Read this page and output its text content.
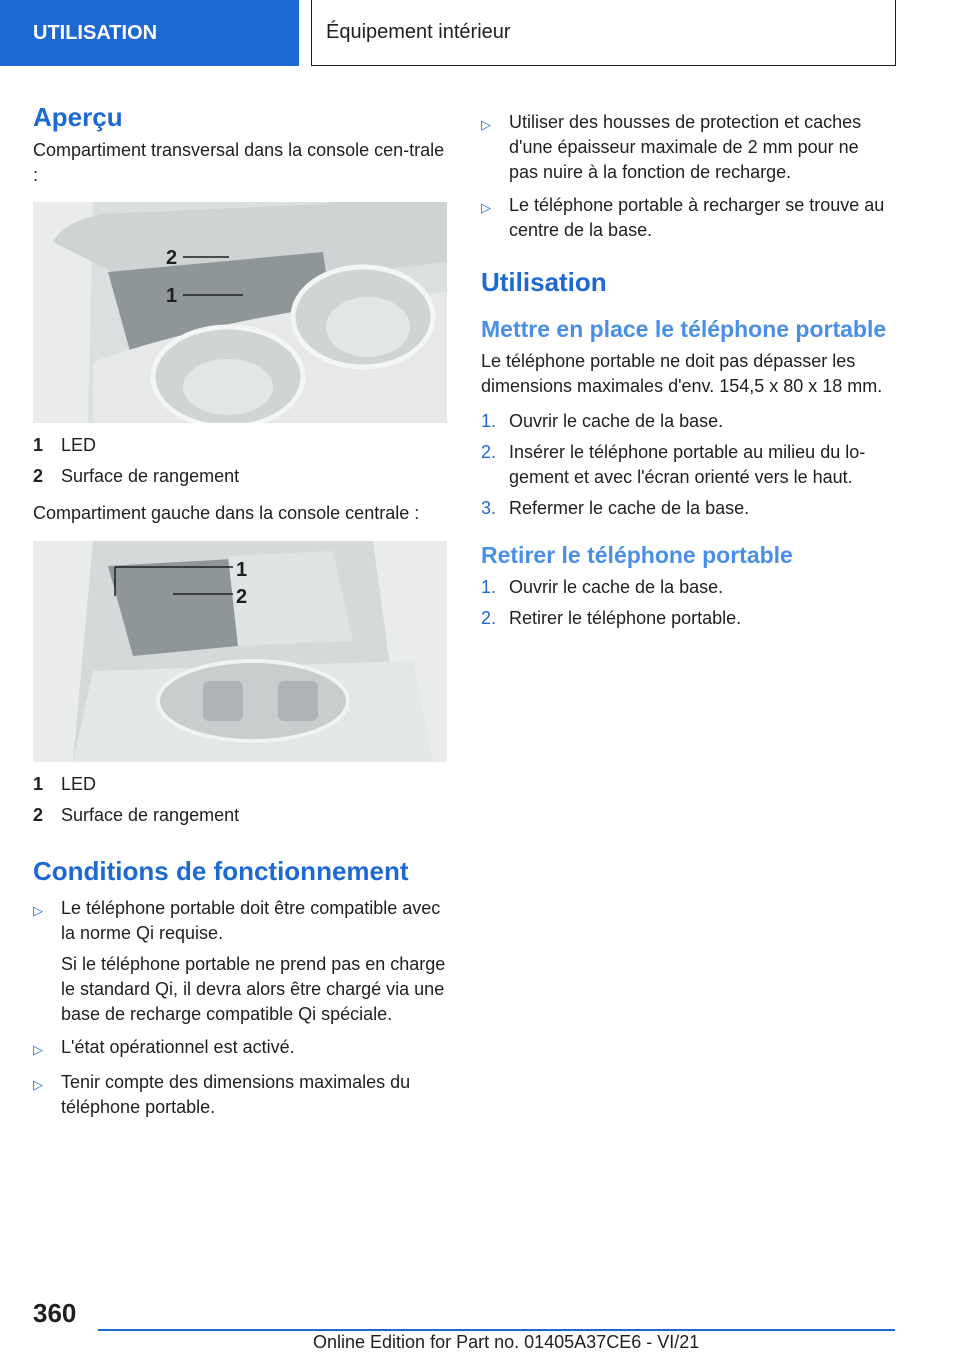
UTILISATION	Équipement intérieur
Aperçu

Compartiment transversal dans la console cen-trale :

2
1
1 LED
2 Surface de rangement

Compartiment gauche dans la console centrale :

1
2
1 LED
2 Surface de rangement
Conditions de fonctionnement
▷	Le téléphone portable doit être compatible avec la norme Qi requise.

Si le téléphone portable ne prend pas en charge le standard Qi, il devra alors être chargé via une base de recharge compatible Qi spéciale.

▷	L'état opérationnel est activé.

▷	Tenir compte des dimensions maximales du téléphone portable.

▷	Utiliser des housses de protection et caches d'une épaisseur maximale de 2 mm pour ne pas nuire à la fonction de recharge.

▷	Le téléphone portable à recharger se trouve au centre de la base.

Utilisation
Mettre en place le téléphone portable

Le téléphone portable ne doit pas dépasser les dimensions maximales d'env. 154,5 x 80 x 18 mm.

1. Ouvrir le cache de la base.
2. Insérer le téléphone portable au milieu du lo-gement et avec l'écran orienté vers le haut.
3. Refermer le cache de la base.
Retirer le téléphone portable
1. Ouvrir le cache de la base.
2. Retirer le téléphone portable.
360
Online Edition for Part no. 01405A37CE6 - VI/21
